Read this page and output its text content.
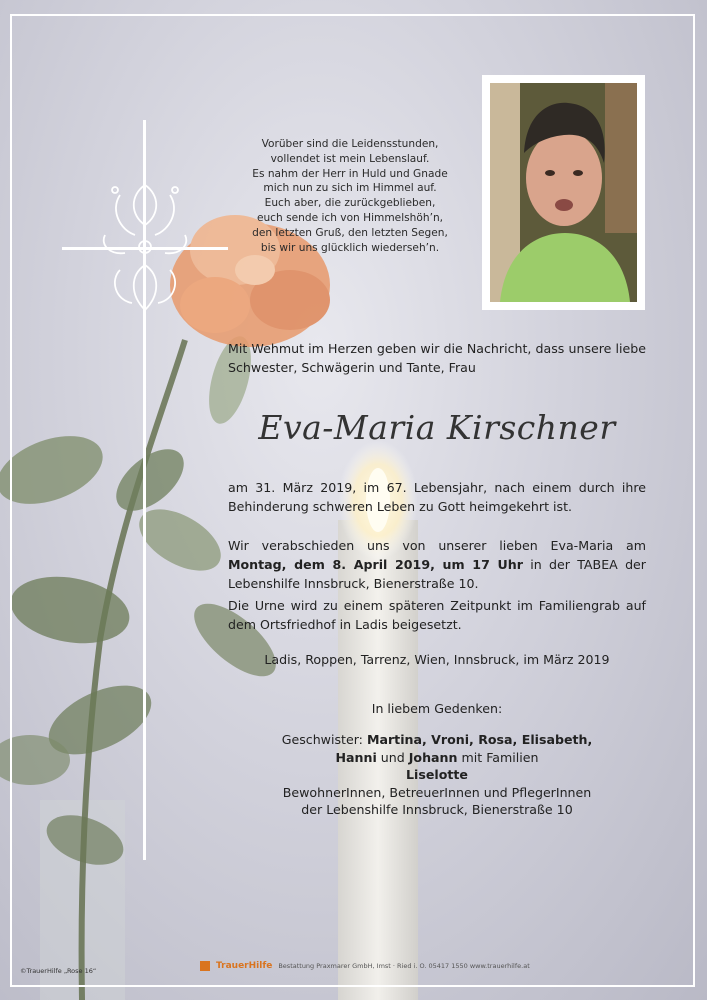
Vorüber sind die Leidensstunden,
vollendet ist mein Lebenslauf.
Es nahm der Herr in Huld und Gnade
mich nun zu sich im Himmel auf.
Euch aber, die zurückgeblieben,
euch sende ich von Himmelshöh’n,
den letzten Gruß, den letzten Segen,
bis wir uns glücklich wiederseh’n.
Mit Wehmut im Herzen geben wir die Nachricht, dass unsere liebe Schwester, Schwägerin und Tante, Frau
Eva-Maria Kirschner
am 31. März 2019, im 67. Lebensjahr, nach einem durch ihre Behinderung schweren Leben zu Gott heimgekehrt ist.
Wir verabschieden uns von unserer lieben Eva-Maria am Montag, dem 8. April 2019, um 17 Uhr in der TABEA der Lebenshilfe Innsbruck, Bienerstraße 10.
Die Urne wird zu einem späteren Zeitpunkt im Familiengrab auf dem Ortsfriedhof in Ladis beigesetzt.
Ladis, Roppen, Tarrenz, Wien, Innsbruck, im März 2019
In liebem Gedenken:
Geschwister: Martina, Vroni, Rosa, Elisabeth,
Hanni und Johann mit Familien
Liselotte
BewohnerInnen, BetreuerInnen und PflegerInnen
der Lebenshilfe Innsbruck, Bienerstraße 10
©TrauerHilfe „Rose 16“	TrauerHilfe Bestattung Praxmarer GmbH, Imst · Ried i. O. 05417 1550 www.trauerhilfe.at
